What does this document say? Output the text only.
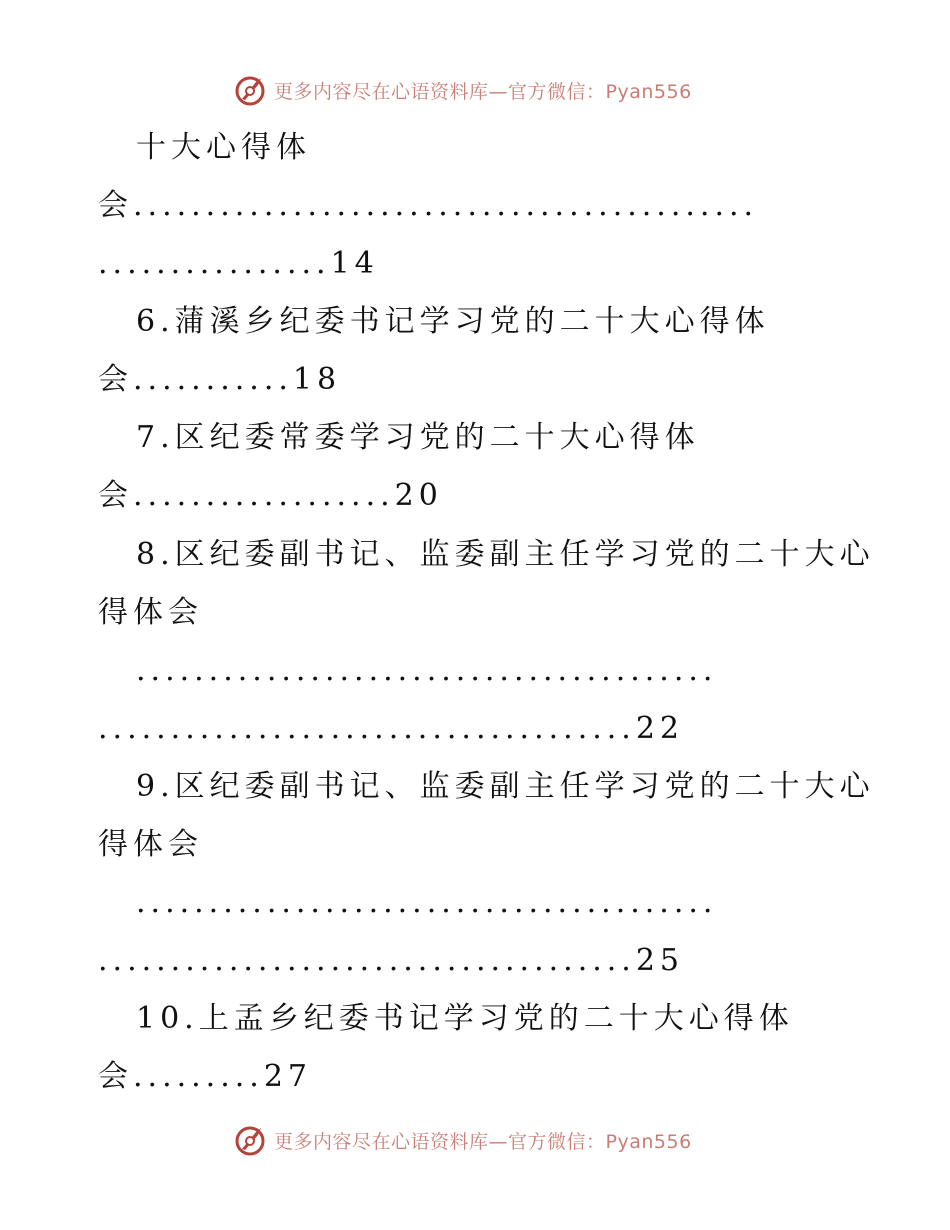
更多内容尽在心语资料库—官方微信：Pyan556
十大心得体
会...........................................
................14
6.蒲溪乡纪委书记学习党的二十大心得体
会...........18
7.区纪委常委学习党的二十大心得体
会..................20
8.区纪委副书记、监委副主任学习党的二十大心
得体会
........................................
.....................................22
9.区纪委副书记、监委副主任学习党的二十大心
得体会
........................................
.....................................25
10.上孟乡纪委书记学习党的二十大心得体
会.........27
更多内容尽在心语资料库—官方微信：Pyan556
